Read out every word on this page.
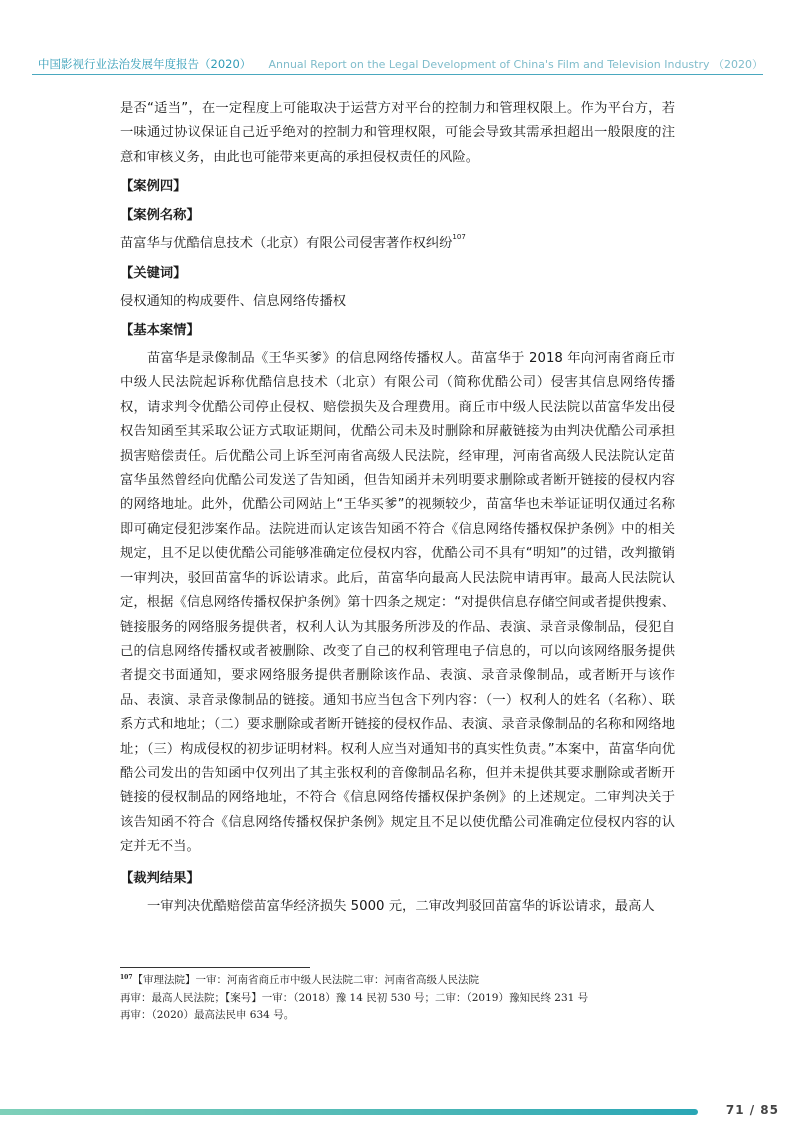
中国影视行业法治发展年度报告（2020） Annual Report on the Legal Development of China's Film and Television Industry （2020）

是否“适当”，在一定程度上可能取决于运营方对平台的控制力和管理权限上。作为平台方，若一味通过协议保证自己近乎绝对的控制力和管理权限，可能会导致其需承担超出一般限度的注意和审核义务，由此也可能带来更高的承担侵权责任的风险。

【案例四】
【案例名称】
苗富华与优酷信息技术（北京）有限公司侵害著作权纠纷$^{107}$
【关键词】
侵权通知的构成要件、信息网络传播权
【基本案情】

苗富华是录像制品《王华买爹》的信息网络传播权人。苗富华于 2018 年向河南省商丘市中级人民法院起诉称优酷信息技术（北京）有限公司（简称优酷公司）侵害其信息网络传播权，请求判令优酷公司停止侵权、赔偿损失及合理费用。商丘市中级人民法院以苗富华发出侵权告知函至其采取公证方式取证期间，优酷公司未及时删除和屏蔽链接为由判决优酷公司承担损害赔偿责任。后优酷公司上诉至河南省高级人民法院，经审理，河南省高级人民法院认定苗富华虽然曾经向优酷公司发送了告知函，但告知函并未列明要求删除或者断开链接的侵权内容的网络地址。此外，优酷公司网站上“王华买爹”的视频较少，苗富华也未举证证明仅通过名称即可确定侵犯涉案作品。法院进而认定该告知函不符合《信息网络传播权保护条例》中的相关规定，且不足以使优酷公司能够准确定位侵权内容，优酷公司不具有“明知”的过错，改判撤销一审判决，驳回苗富华的诉讼请求。此后，苗富华向最高人民法院申请再审。最高人民法院认定，根据《信息网络传播权保护条例》第十四条之规定：“对提供信息存储空间或者提供搜索、链接服务的网络服务提供者，权利人认为其服务所涉及的作品、表演、录音录像制品，侵犯自己的信息网络传播权或者被删除、改变了自己的权利管理电子信息的，可以向该网络服务提供者提交书面通知，要求网络服务提供者删除该作品、表演、录音录像制品，或者断开与该作品、表演、录音录像制品的链接。通知书应当包含下列内容：（一）权利人的姓名（名称）、联系方式和地址；（二）要求删除或者断开链接的侵权作品、表演、录音录像制品的名称和网络地址；（三）构成侵权的初步证明材料。权利人应当对通知书的真实性负责。”本案中，苗富华向优酷公司发出的告知函中仅列出了其主张权利的音像制品名称，但并未提供其要求删除或者断开链接的侵权制品的网络地址，不符合《信息网络传播权保护条例》的上述规定。二审判决关于该告知函不符合《信息网络传播权保护条例》规定且不足以使优酷公司准确定位侵权内容的认定并无不当。

【裁判结果】

一审判决优酷赔偿苗富华经济损失 5000 元，二审改判驳回苗富华的诉讼请求，最高人

$^{107}$【审理法院】一审：河南省商丘市中级人民法院二审：河南省高级人民法院
再审：最高人民法院；【案号】一审：（2018）豫 14 民初 530 号；二审：（2019）豫知民终 231 号
再审：（2020）最高法民申 634 号。
71 / 85
